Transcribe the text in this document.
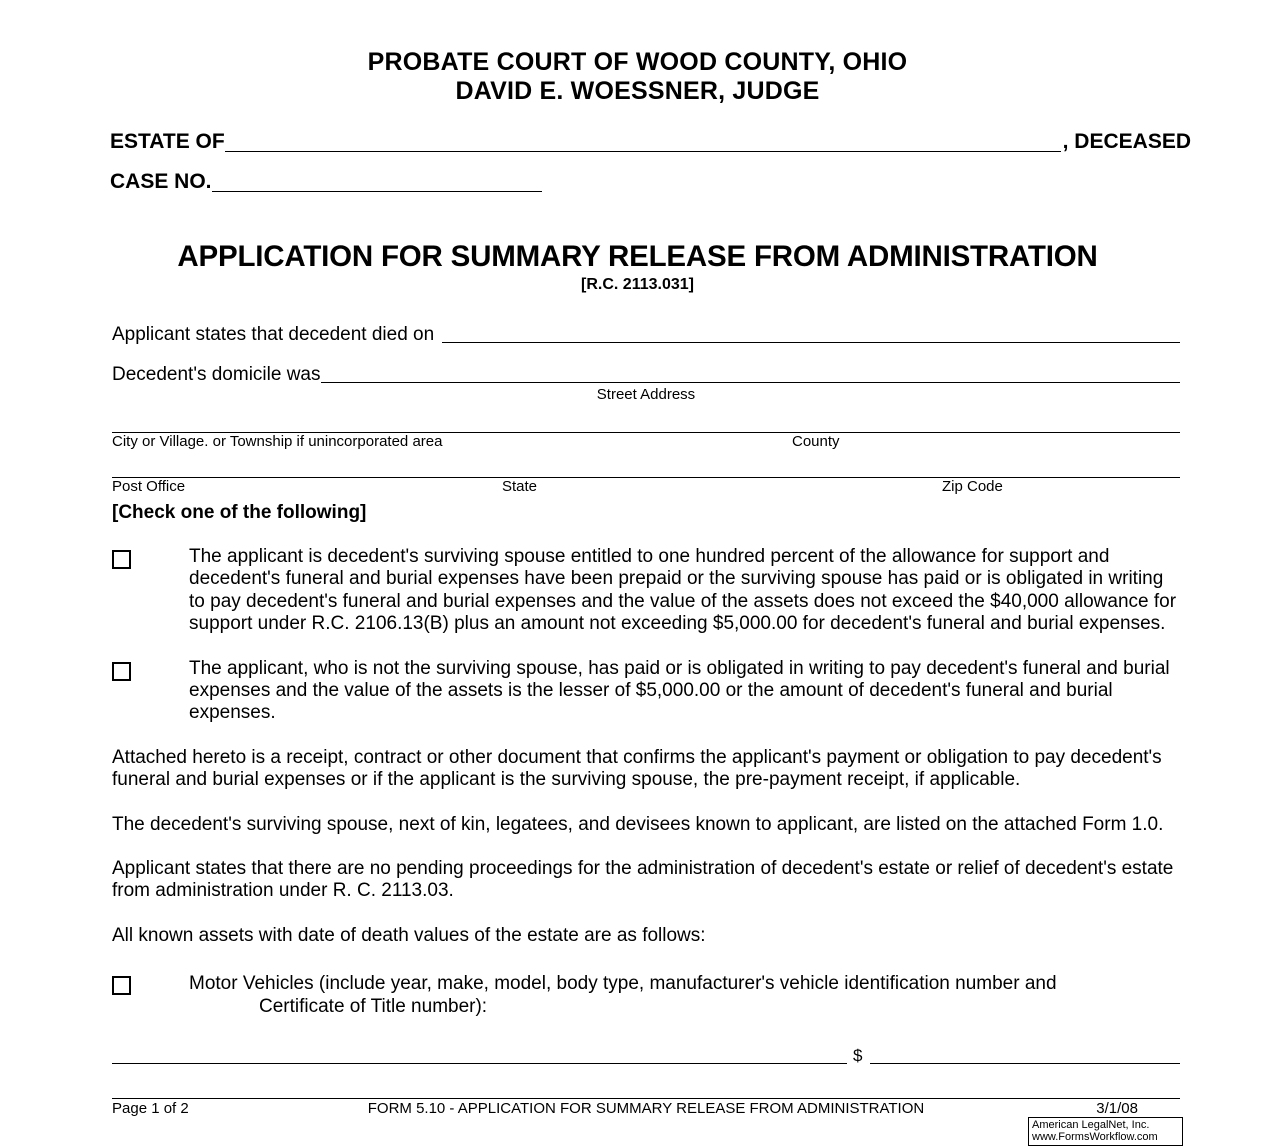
PROBATE COURT OF WOOD COUNTY, OHIO
DAVID E. WOESSNER, JUDGE
ESTATE OF	, DECEASED
CASE NO.
APPLICATION FOR SUMMARY RELEASE FROM ADMINISTRATION
[R.C. 2113.031]
Applicant states that decedent died on
Decedent's domicile was
Street Address
City or Village. or Township if unincorporated area	County
Post Office	State	Zip Code
[Check one of the following]
The applicant is decedent's surviving spouse entitled to one hundred percent of the allowance for support and decedent's funeral and burial expenses have been prepaid or the surviving spouse has paid or is obligated in writing to pay decedent's funeral and burial expenses and the value of the assets does not exceed the $40,000 allowance for support under R.C. 2106.13(B) plus an amount not exceeding $5,000.00 for decedent's funeral and burial expenses.
The applicant, who is not the surviving spouse, has paid or is obligated in writing to pay decedent's funeral and burial expenses and the value of the assets is the lesser of $5,000.00 or the amount of decedent's funeral and burial expenses.
Attached hereto is a receipt, contract or other document that confirms the applicant's payment or obligation to pay decedent's funeral and burial expenses or if the applicant is the surviving spouse, the pre-payment receipt, if applicable.
The decedent's surviving spouse, next of kin, legatees, and devisees known to applicant, are listed on the attached Form 1.0.
Applicant states that there are no pending proceedings for the administration of decedent's estate or relief of decedent's estate from administration under R. C. 2113.03.
All known assets with date of death values of the estate are as follows:
Motor Vehicles (include year, make, model, body type, manufacturer's vehicle identification number and
Certificate of Title number):
$
Page 1 of 2	FORM 5.10 - APPLICATION FOR SUMMARY RELEASE FROM ADMINISTRATION	3/1/08
American LegalNet, Inc.
www.FormsWorkflow.com
